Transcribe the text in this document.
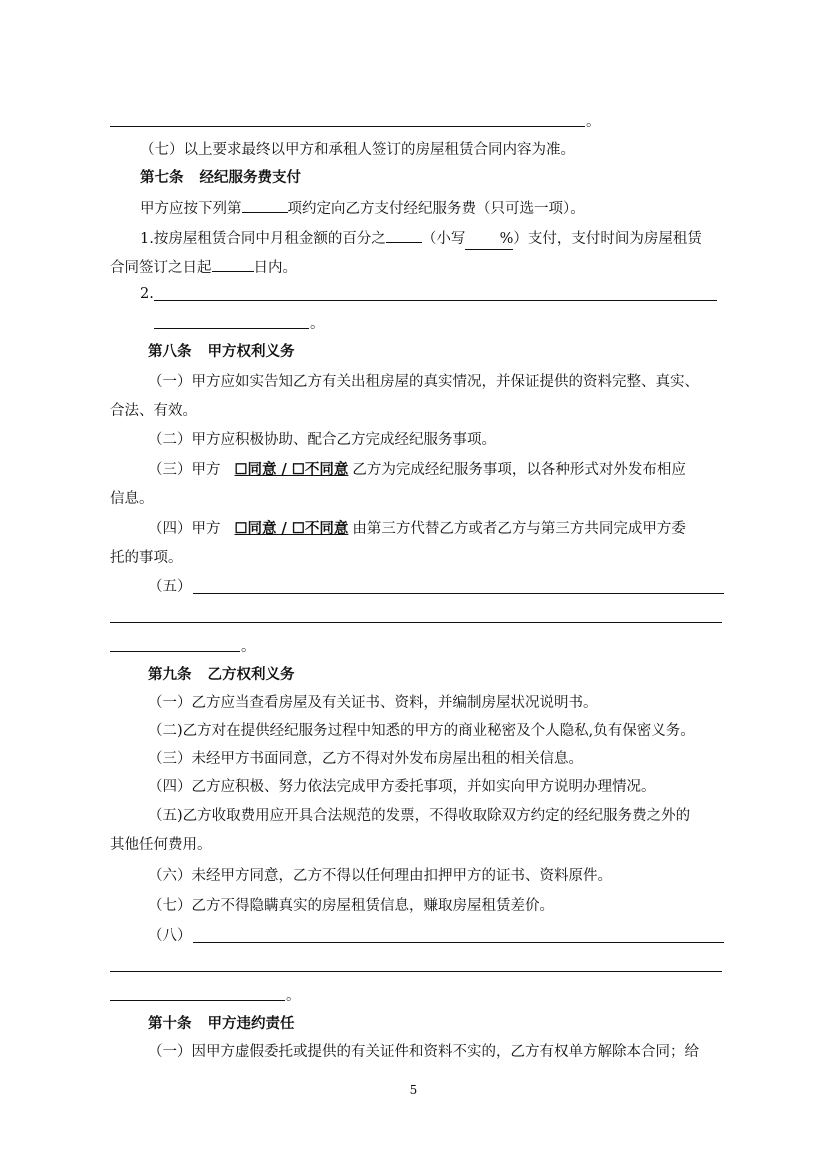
。
（七）以上要求最终以甲方和承租人签订的房屋租赁合同内容为准。
第七条 经纪服务费支付
甲方应按下列第	项约定向乙方支付经纪服务费（只可选一项）。
1.按房屋租赁合同中月租金额的百分之 （小写 %）支付，支付时间为房屋租赁
合同签订之日起	日内。
2.
。
第八条 甲方权利义务
（一）甲方应如实告知乙方有关出租房屋的真实情况，并保证提供的资料完整、真实、
合法、有效。
（二）甲方应积极协助、配合乙方完成经纪服务事项。
（三）甲方 ☐同意 / ☐不同意 乙方为完成经纪服务事项，以各种形式对外发布相应
信息。
（四）甲方 ☐同意 / ☐不同意 由第三方代替乙方或者乙方与第三方共同完成甲方委
托的事项。
（五）
。
第九条 乙方权利义务
（一）乙方应当查看房屋及有关证书、资料，并编制房屋状况说明书。
（二)乙方对在提供经纪服务过程中知悉的甲方的商业秘密及个人隐私,负有保密义务。
（三）未经甲方书面同意，乙方不得对外发布房屋出租的相关信息。
（四）乙方应积极、努力依法完成甲方委托事项，并如实向甲方说明办理情况。
（五)乙方收取费用应开具合法规范的发票，不得收取除双方约定的经纪服务费之外的
其他任何费用。
（六）未经甲方同意，乙方不得以任何理由扣押甲方的证书、资料原件。
（七）乙方不得隐瞒真实的房屋租赁信息，赚取房屋租赁差价。
（八）
。
第十条 甲方违约责任
（一）因甲方虚假委托或提供的有关证件和资料不实的，乙方有权单方解除本合同；给
5
